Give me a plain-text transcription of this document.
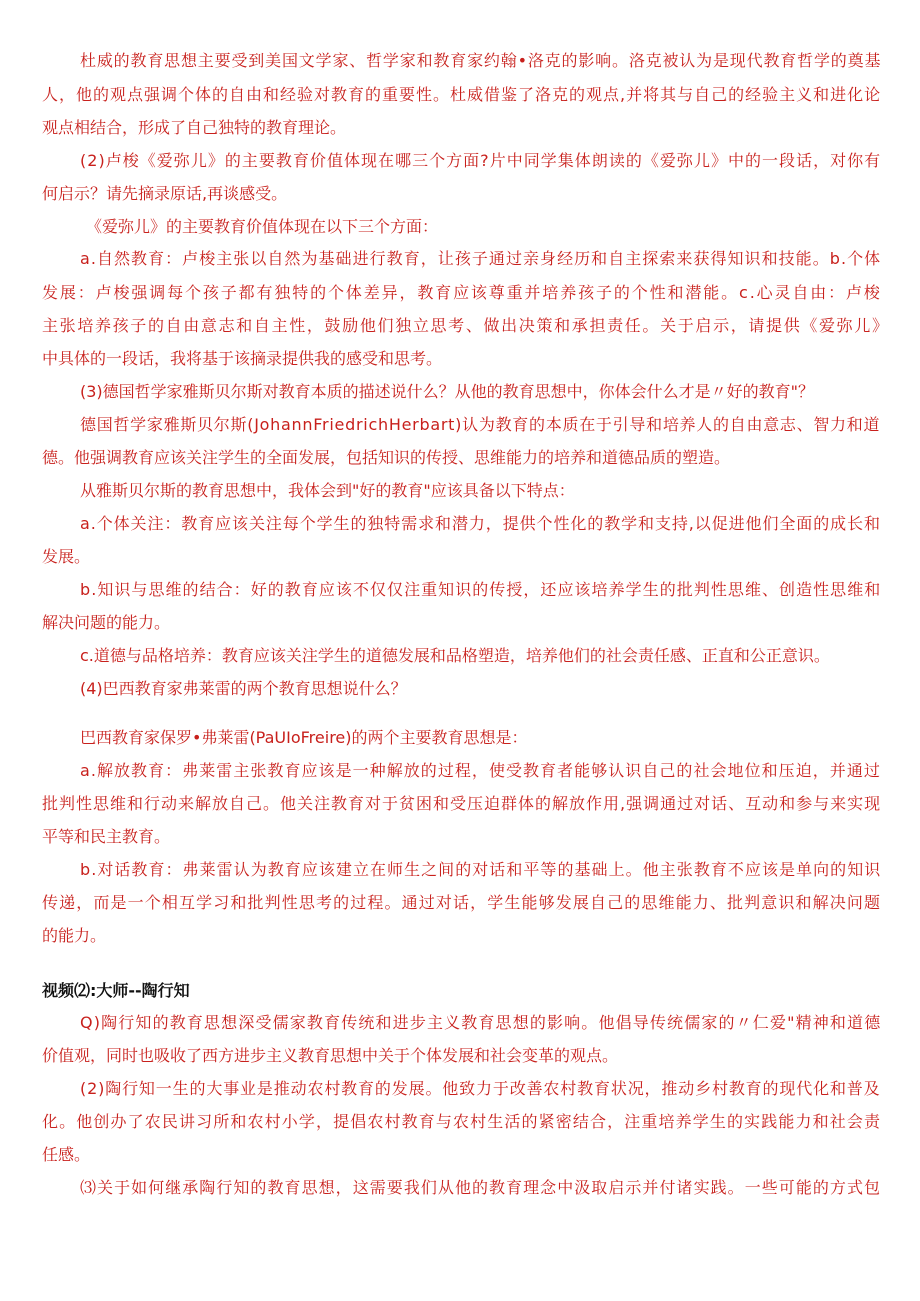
杜威的教育思想主要受到美国文学家、哲学家和教育家约翰•洛克的影响。洛克被认为是现代教育哲学的奠基
人，他的观点强调个体的自由和经验对教育的重要性。杜威借鉴了洛克的观点,并将其与自己的经验主义和进化论
观点相结合，形成了自己独特的教育理论。
(2)卢梭《爱弥儿》的主要教育价值体现在哪三个方面?片中同学集体朗读的《爱弥儿》中的一段话，对你有
何启示？请先摘录原话,再谈感受。
《爱弥儿》的主要教育价值体现在以下三个方面：
a.自然教育：卢梭主张以自然为基础进行教育，让孩子通过亲身经历和自主探索来获得知识和技能。b.个体
发展：卢梭强调每个孩子都有独特的个体差异，教育应该尊重并培养孩子的个性和潜能。c.心灵自由：卢梭
主张培养孩子的自由意志和自主性，鼓励他们独立思考、做出决策和承担责任。关于启示，请提供《爱弥儿》
中具体的一段话，我将基于该摘录提供我的感受和思考。
(3)德国哲学家雅斯贝尔斯对教育本质的描述说什么？从他的教育思想中，你体会什么才是〃好的教育"？
德国哲学家雅斯贝尔斯(JohannFriedrichHerbart)认为教育的本质在于引导和培养人的自由意志、智力和道
德。他强调教育应该关注学生的全面发展，包括知识的传授、思维能力的培养和道德品质的塑造。
从雅斯贝尔斯的教育思想中，我体会到"好的教育"应该具备以下特点：
a.个体关注：教育应该关注每个学生的独特需求和潜力，提供个性化的教学和支持,以促进他们全面的成长和
发展。
b.知识与思维的结合：好的教育应该不仅仅注重知识的传授，还应该培养学生的批判性思维、创造性思维和
解决问题的能力。
c.道德与品格培养：教育应该关注学生的道德发展和品格塑造，培养他们的社会责任感、正直和公正意识。
(4)巴西教育家弗莱雷的两个教育思想说什么？
巴西教育家保罗•弗莱雷(PaUIoFreire)的两个主要教育思想是：
a.解放教育：弗莱雷主张教育应该是一种解放的过程，使受教育者能够认识自己的社会地位和压迫，并通过
批判性思维和行动来解放自己。他关注教育对于贫困和受压迫群体的解放作用,强调通过对话、互动和参与来实现
平等和民主教育。
b.对话教育：弗莱雷认为教育应该建立在师生之间的对话和平等的基础上。他主张教育不应该是单向的知识
传递，而是一个相互学习和批判性思考的过程。通过对话，学生能够发展自己的思维能力、批判意识和解决问题
的能力。
视频⑵:大师--陶行知
Q)陶行知的教育思想深受儒家教育传统和进步主义教育思想的影响。他倡导传统儒家的〃仁爱"精神和道德
价值观，同时也吸收了西方进步主义教育思想中关于个体发展和社会变革的观点。
(2)陶行知一生的大事业是推动农村教育的发展。他致力于改善农村教育状况，推动乡村教育的现代化和普及
化。他创办了农民讲习所和农村小学，提倡农村教育与农村生活的紧密结合，注重培养学生的实践能力和社会责
任感。
⑶关于如何继承陶行知的教育思想，这需要我们从他的教育理念中汲取启示并付诸实践。一些可能的方式包
